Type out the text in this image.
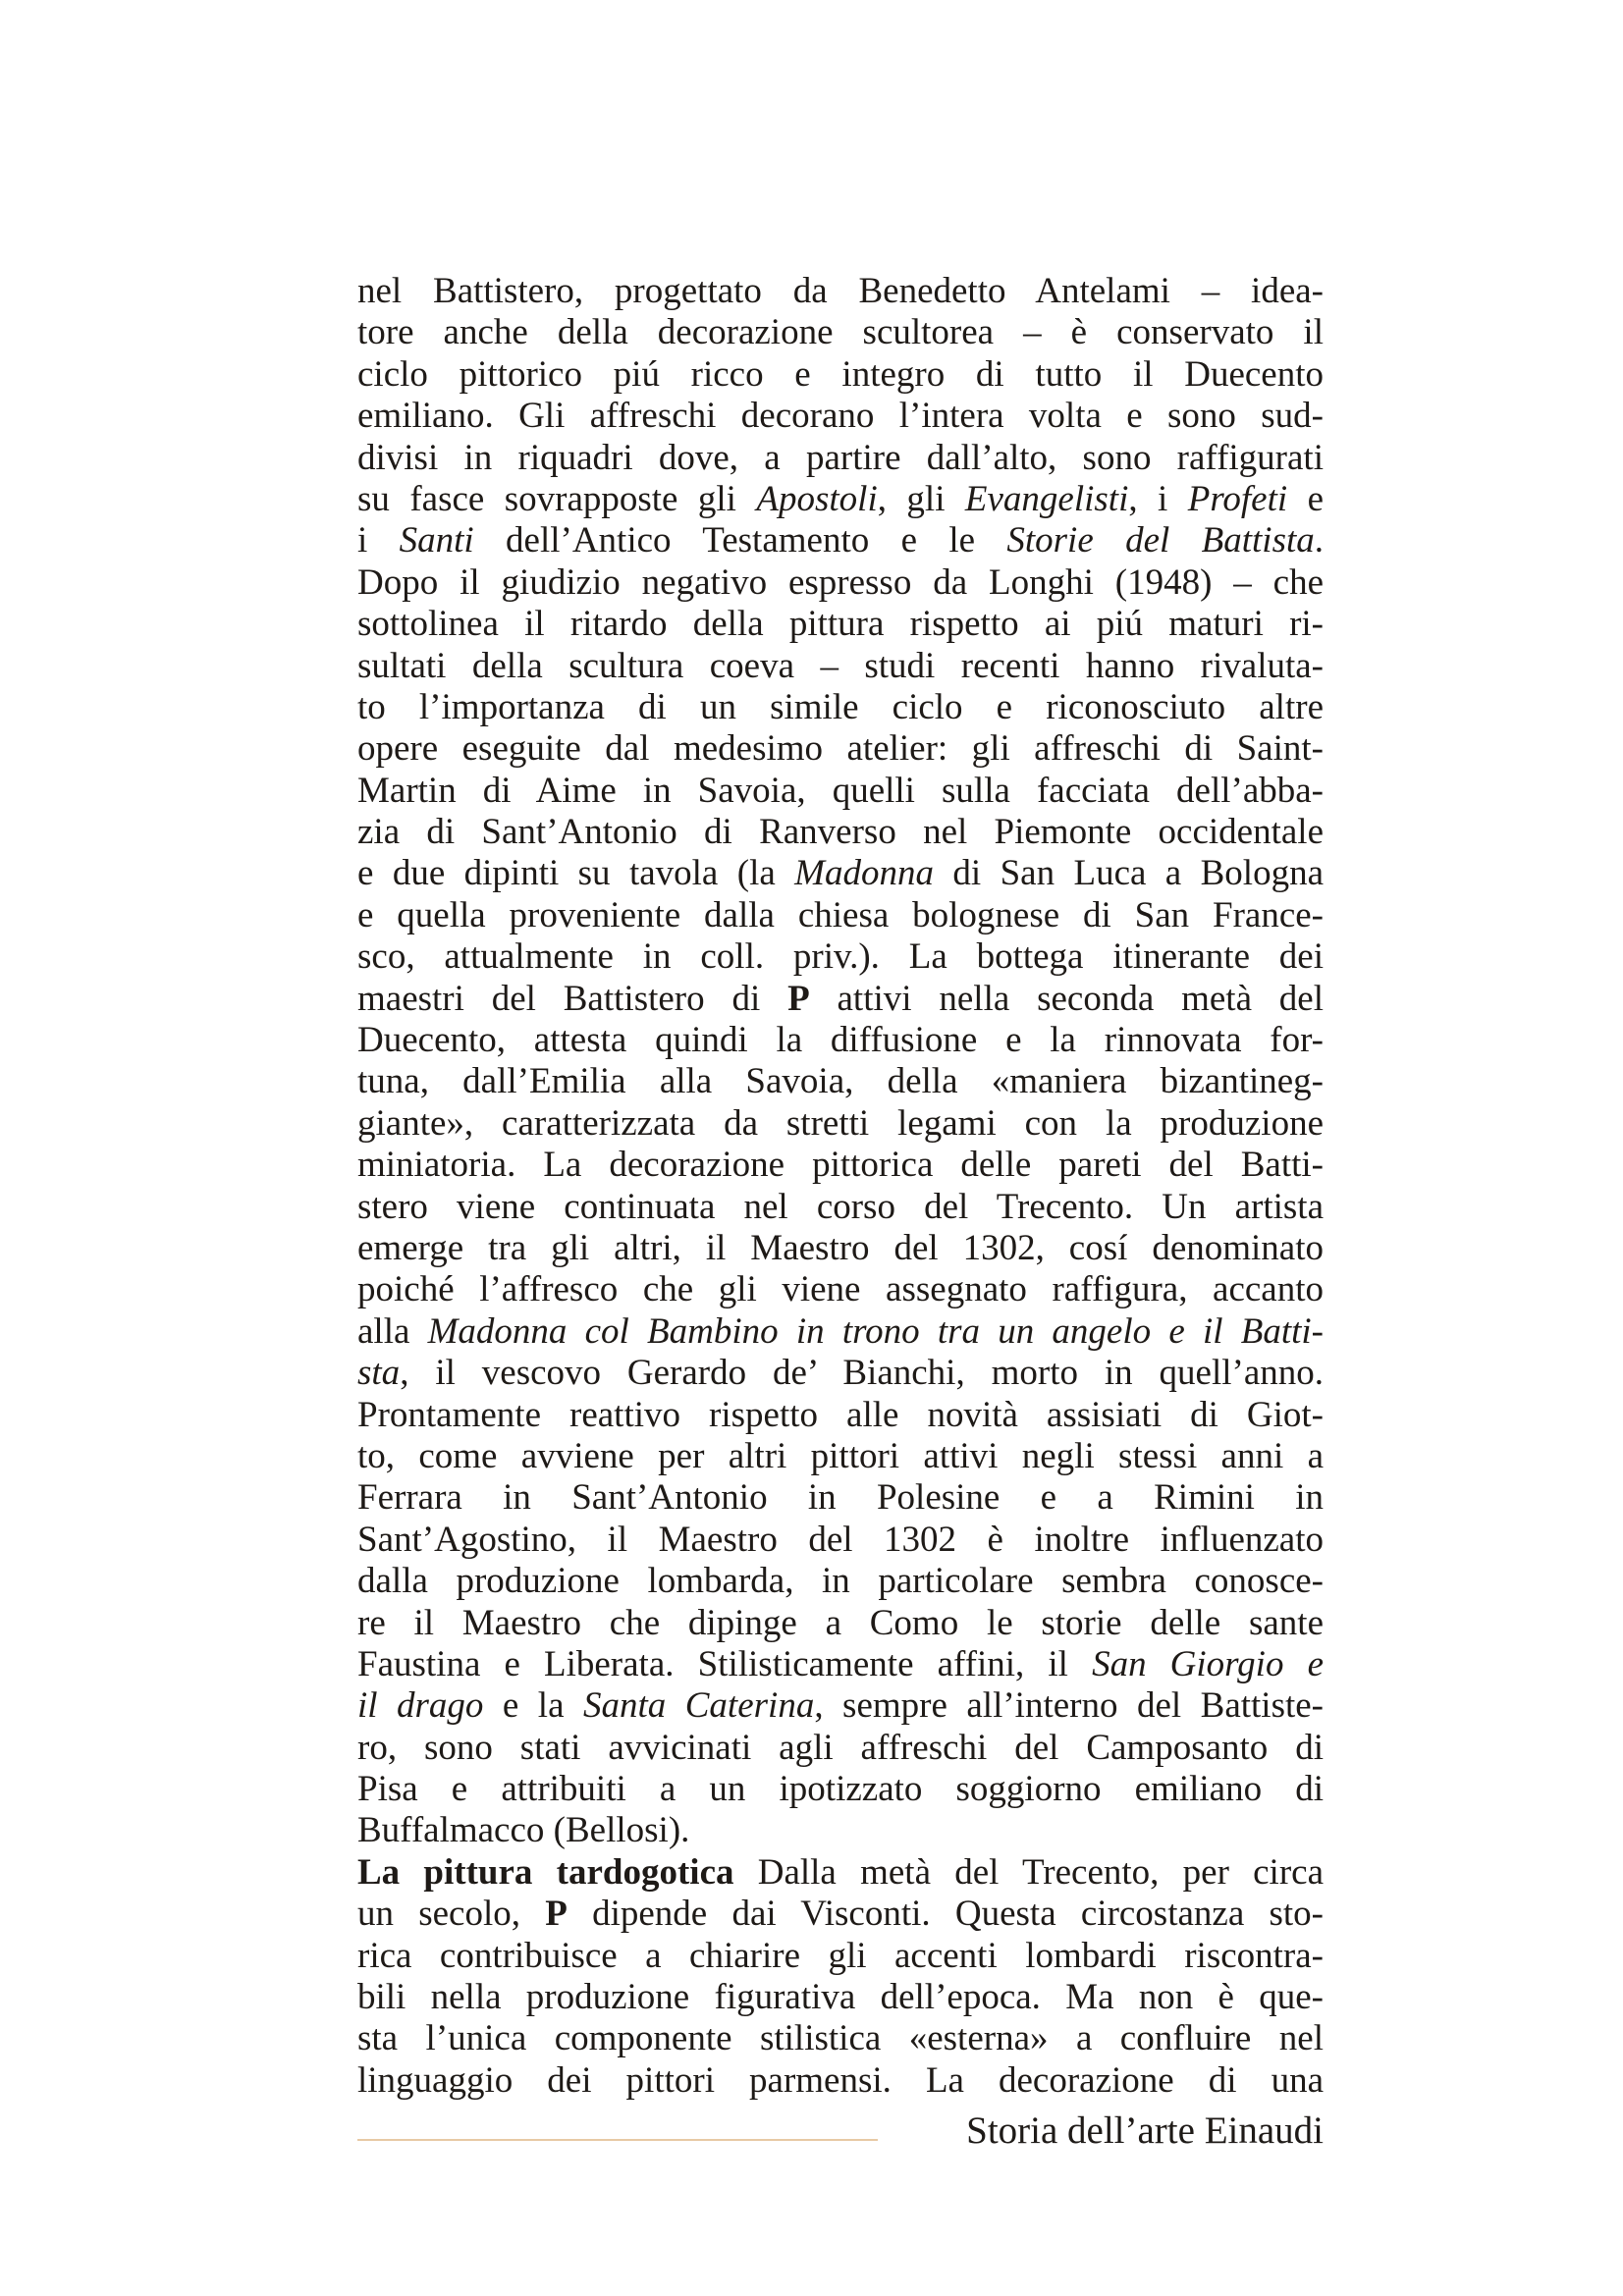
nel Battistero, progettato da Benedetto Antelami – idea-
tore anche della decorazione scultorea – è conservato il
ciclo pittorico piú ricco e integro di tutto il Duecento
emiliano. Gli affreschi decorano l’intera volta e sono sud-
divisi in riquadri dove, a partire dall’alto, sono raffigurati
su fasce sovrapposte gli Apostoli, gli Evangelisti, i Profeti e
i Santi dell’Antico Testamento e le Storie del Battista.
Dopo il giudizio negativo espresso da Longhi (1948) – che
sottolinea il ritardo della pittura rispetto ai piú maturi ri-
sultati della scultura coeva – studi recenti hanno rivaluta-
to l’importanza di un simile ciclo e riconosciuto altre
opere eseguite dal medesimo atelier: gli affreschi di Saint-
Martin di Aime in Savoia, quelli sulla facciata dell’abba-
zia di Sant’Antonio di Ranverso nel Piemonte occidentale
e due dipinti su tavola (la Madonna di San Luca a Bologna
e quella proveniente dalla chiesa bolognese di San France-
sco, attualmente in coll. priv.). La bottega itinerante dei
maestri del Battistero di P attivi nella seconda metà del
Duecento, attesta quindi la diffusione e la rinnovata for-
tuna, dall’Emilia alla Savoia, della «maniera bizantineg-
giante», caratterizzata da stretti legami con la produzione
miniatoria. La decorazione pittorica delle pareti del Batti-
stero viene continuata nel corso del Trecento. Un artista
emerge tra gli altri, il Maestro del 1302, cosí denominato
poiché l’affresco che gli viene assegnato raffigura, accanto
alla Madonna col Bambino in trono tra un angelo e il Batti-
sta, il vescovo Gerardo de’ Bianchi, morto in quell’anno.
Prontamente reattivo rispetto alle novità assisiati di Giot-
to, come avviene per altri pittori attivi negli stessi anni a
Ferrara in Sant’Antonio in Polesine e a Rimini in
Sant’Agostino, il Maestro del 1302 è inoltre influenzato
dalla produzione lombarda, in particolare sembra conosce-
re il Maestro che dipinge a Como le storie delle sante
Faustina e Liberata. Stilisticamente affini, il San Giorgio e
il drago e la Santa Caterina, sempre all’interno del Battiste-
ro, sono stati avvicinati agli affreschi del Camposanto di
Pisa e attribuiti a un ipotizzato soggiorno emiliano di
Buffalmacco (Bellosi).
La pittura tardogotica Dalla metà del Trecento, per circa
un secolo, P dipende dai Visconti. Questa circostanza sto-
rica contribuisce a chiarire gli accenti lombardi riscontra-
bili nella produzione figurativa dell’epoca. Ma non è que-
sta l’unica componente stilistica «esterna» a confluire nel
linguaggio dei pittori parmensi. La decorazione di una
Storia dell’arte Einaudi
